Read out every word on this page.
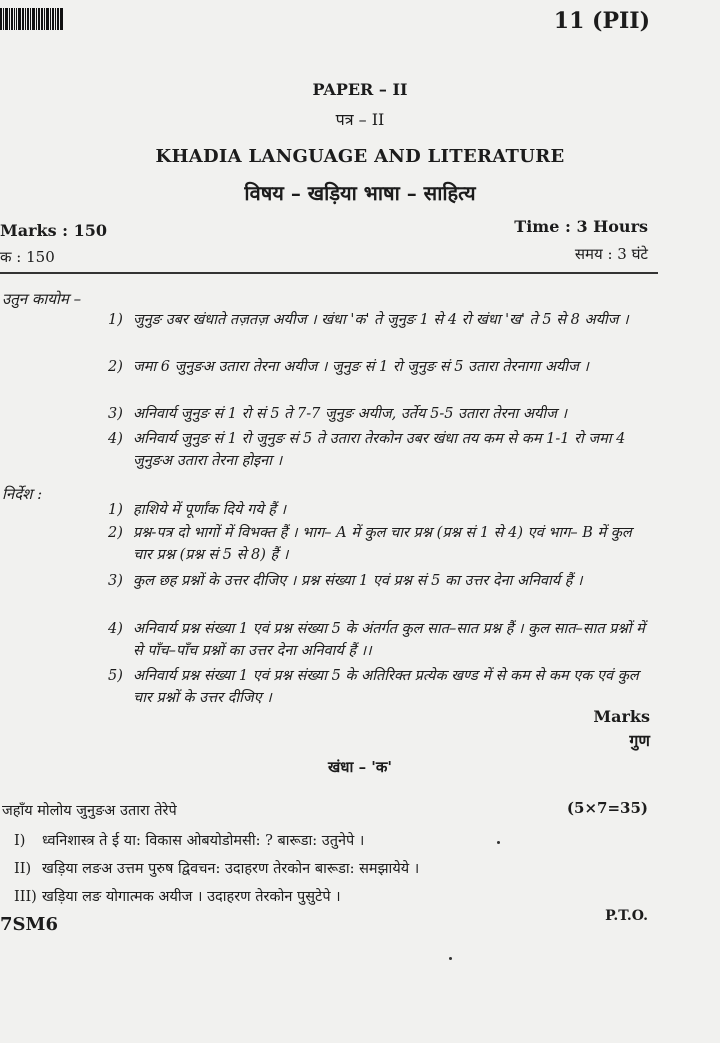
11 (PII)
PAPER – II
पत्र – II
KHADIA LANGUAGE AND LITERATURE
विषय – खड़िया भाषा – साहित्य
Marks : 150
क : 150
Time : 3 Hours
समय : 3 घंटे
उतुन कायोम –
1) जुनुङ उबर खंधाते तज़तज़ अयीज । खंधा 'क' ते जुनुङ 1 से 4 रो खंधा 'ख' ते 5 से 8 अयीज ।
2) जमा 6 जुनुङअ उतारा तेरना अयीज । जुनुङ सं 1 रो जुनुङ सं 5 उतारा तेरनागा अयीज ।
3) अनिवार्य जुनुङ सं 1 रो सं 5 ते 7-7 जुनुङ अयीज, उर्तेय 5-5 उतारा तेरना अयीज ।
4) अनिवार्य जुनुङ सं 1 रो जुनुङ सं 5 ते उतारा तेरकोन उबर खंधा तय कम से कम 1-1 रो जमा 4 जुनुङअ उतारा तेरना होइना ।
निर्देश :
1) हाशिये में पूर्णांक दिये गये हैं ।
2) प्रश्न-पत्र दो भागों में विभक्त हैं । भाग– A में कुल चार प्रश्न (प्रश्न सं 1 से 4) एवं भाग– B में कुल चार प्रश्न (प्रश्न सं 5 से 8) हैं ।
3) कुल छह प्रश्नों के उत्तर दीजिए । प्रश्न संख्या 1 एवं प्रश्न सं 5 का उत्तर देना अनिवार्य हैं ।
4) अनिवार्य प्रश्न संख्या 1 एवं प्रश्न संख्या 5 के अंतर्गत कुल सात–सात प्रश्न हैं । कुल सात–सात प्रश्नों में से पाँच–पाँच प्रश्नों का उत्तर देना अनिवार्य हैं ।।
5) अनिवार्य प्रश्न संख्या 1 एवं प्रश्न संख्या 5 के अतिरिक्त प्रत्येक खण्ड में से कम से कम एक एवं कुल चार प्रश्नों के उत्तर दीजिए ।
Marks
गुण
खंधा – 'क'
जहाँय मोलोय जुनुङअ उतारा तेरेपे	(5×7=35)
I) ध्वनिशास्त्र ते ई या: विकास ओबयोडोमसी: ? बारूडा: उतुनेपे ।
II) खड़िया लङअ उत्तम पुरुष द्विवचन: उदाहरण तेरकोन बारूडा: समझायेये ।
III) खड़िया लङ योगात्मक अयीज । उदाहरण तेरकोन पुसुटेपे ।
7SM6	P.T.O.
